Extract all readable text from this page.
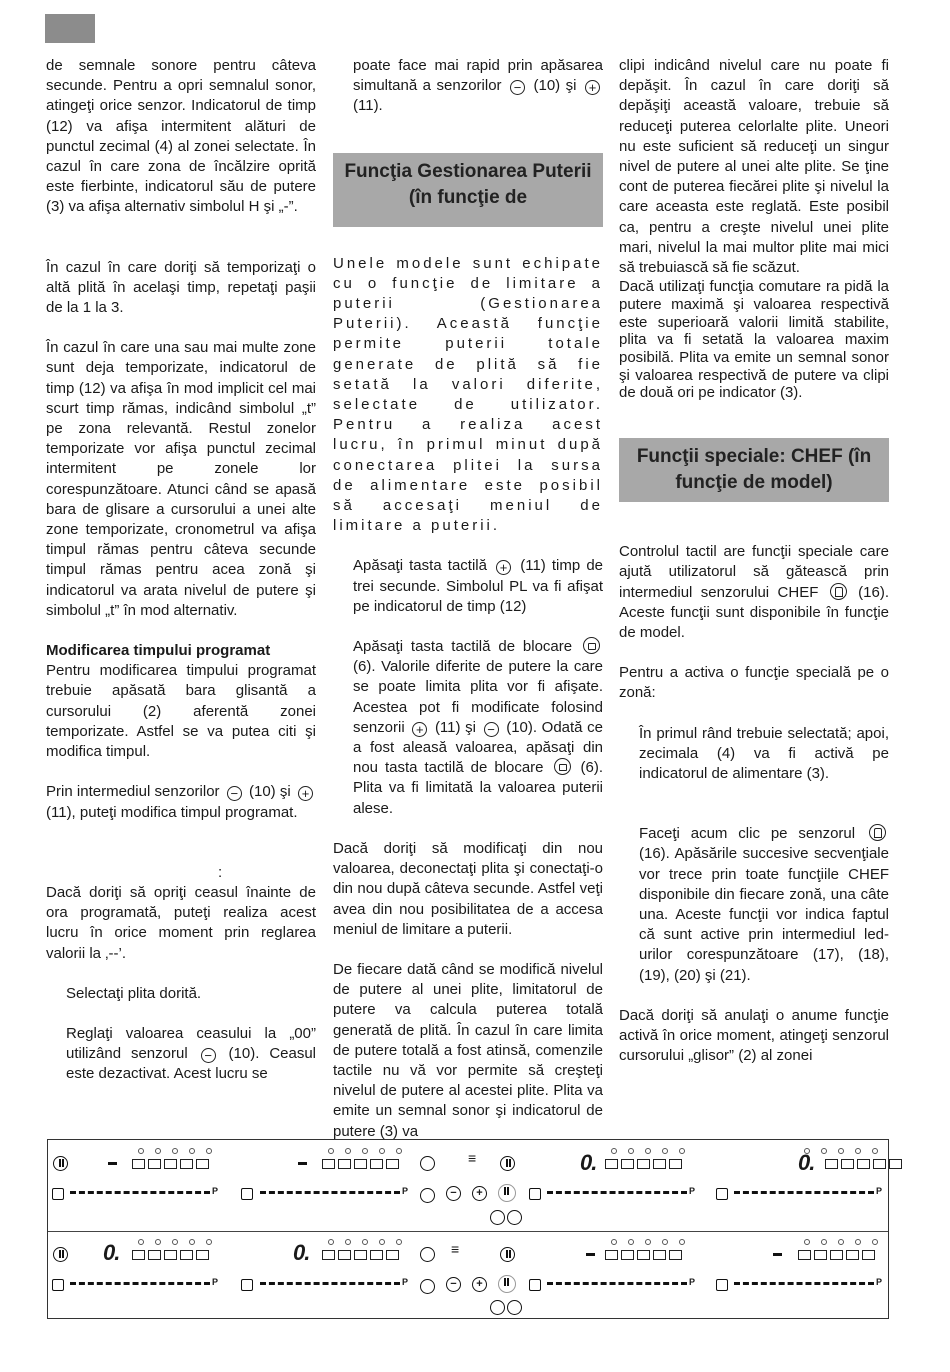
de semnale sonore pentru câteva secunde. Pentru a opri semnalul sonor, atingeţi orice senzor. Indicatorul de timp (12) va afişa intermitent alături de punctul zecimal (4) al zonei selectate. În cazul în care zona de încălzire oprită este fierbinte, indicatorul său de putere (3) va afişa alternativ simbolul H şi „-”.

În cazul în care doriţi să temporizaţi o altă plită în acelaşi timp, repetaţi paşii de la 1 la 3.

În cazul în care una sau mai multe zone sunt deja temporizate, indicatorul de timp (12) va afişa în mod implicit cel mai scurt timp rămas, indicând simbolul „t” pe zona relevantă. Restul zonelor temporizate vor afişa punctul zecimal intermitent pe zonele lor corespunzătoare. Atunci când se apasă bara de glisare a cursorului a unei alte zone temporizate, cronometrul va afişa timpul rămas pentru câteva secunde timpul rămas pentru acea zonă şi indicatorul va arata nivelul de putere şi simbolul „t” în mod alternativ.

Modificarea timpului programat

Pentru modificarea timpului programat trebuie apăsată bara glisantă a cursorului (2) aferentă zonei temporizate. Astfel se va putea citi şi modifica timpul.

Prin intermediul senzorilor − (10) şi + (11), puteţi modifica timpul programat.

:

Dacă doriţi să opriţi ceasul înainte de ora programată, puteţi realiza acest lucru în orice moment prin reglarea valorii la ‚--’.

Selectaţi plita dorită.

Reglaţi valoarea ceasului la „00” utilizând senzorul − (10). Ceasul este dezactivat. Acest lucru se

poate face mai rapid prin apăsarea simultană a senzorilor − (10) şi + (11).

Funcţia Gestionarea Puterii (în funcţie de

Unele modele sunt echipate cu o funcţie de limitare a puterii (Gestionarea Puterii). Această funcţie permite puterii totale generate de plită să fie setată la valori diferite, selectate de utilizator. Pentru a realiza acest lucru, în primul minut după conectarea plitei la sursa de alimentare este posibil să accesaţi meniul de limitare a puterii.

Apăsaţi tasta tactilă + (11) timp de trei secunde. Simbolul PL va fi afişat pe indicatorul de timp (12)

Apăsaţi tasta tactilă de blocare  (6). Valorile diferite de putere la care se poate limita plita vor fi afişate. Acestea pot fi modificate folosind senzorii + (11) şi − (10). Odată ce a fost aleasă valoarea, apăsaţi din nou tasta tactilă de blocare (6). Plita va fi limitată la valoarea puterii alese.

Dacă doriţi să modificaţi din nou valoarea, deconectaţi plita şi conectaţi-o din nou după câteva secunde. Astfel veţi avea din nou posibilitatea de a accesa meniul de limitare a puterii.

De fiecare dată când se modifică nivelul de putere al unei plite, limitatorul de putere va calcula puterea totală generată de plită. În cazul în care limita de putere totală a fost atinsă, comenzile tactile nu vă vor permite să creşteţi nivelul de putere al acestei plite. Plita va emite un semnal sonor şi indicatorul de putere (3) va

clipi indicând nivelul care nu poate fi depăşit. În cazul în care doriţi să depăşiţi această valoare, trebuie să reduceţi puterea celorlalte plite. Uneori nu este suficient să reduceţi un singur nivel de putere al unei alte plite. Se ţine cont de puterea fiecărei plite şi nivelul la care aceasta este reglată. Este posibil ca, pentru a creşte nivelul unei plite mari, nivelul la mai multor plite mai mici să trebuiască să fie scăzut.

Dacă utilizaţi funcţia comutare ra pidă la putere maximă şi valoarea respectivă este superioară valorii limită stabilite, plita va fi setată la valoarea maxim posibilă. Plita va emite un semnal sonor şi valoarea respectivă de putere va clipi de două ori pe indicator (3).

Funcţii speciale: CHEF (în funcţie de model)

Controlul tactil are funcţii speciale care ajută utilizatorul să gătească prin intermediul senzorului CHEF	(16). Aceste funcţii sunt disponibile în funcţie de model.

Pentru a activa o funcţie specială pe o zonă:

În primul rând trebuie selectată; apoi, zecimala (4) va fi activă pe indicatorul de alimentare (3).

Faceţi acum clic pe senzorul  (16). Apăsările succesive secvenţiale vor trece prin toate funcţiile CHEF disponibile din fiecare zonă, una câte una. Aceste funcţii vor indica faptul că sunt active prin intermediul led-urilor corespunzătoare (17), (18), (19), (20) şi (21).

Dacă doriţi să anulaţi o anume funcţie activă în orice moment, atingeţi senzorul cursorului „glisor” (2) al zonei

P	P
≡
−	+
0.
P
0.
P
0.
P
0.
P
≡
−	+	P	P
